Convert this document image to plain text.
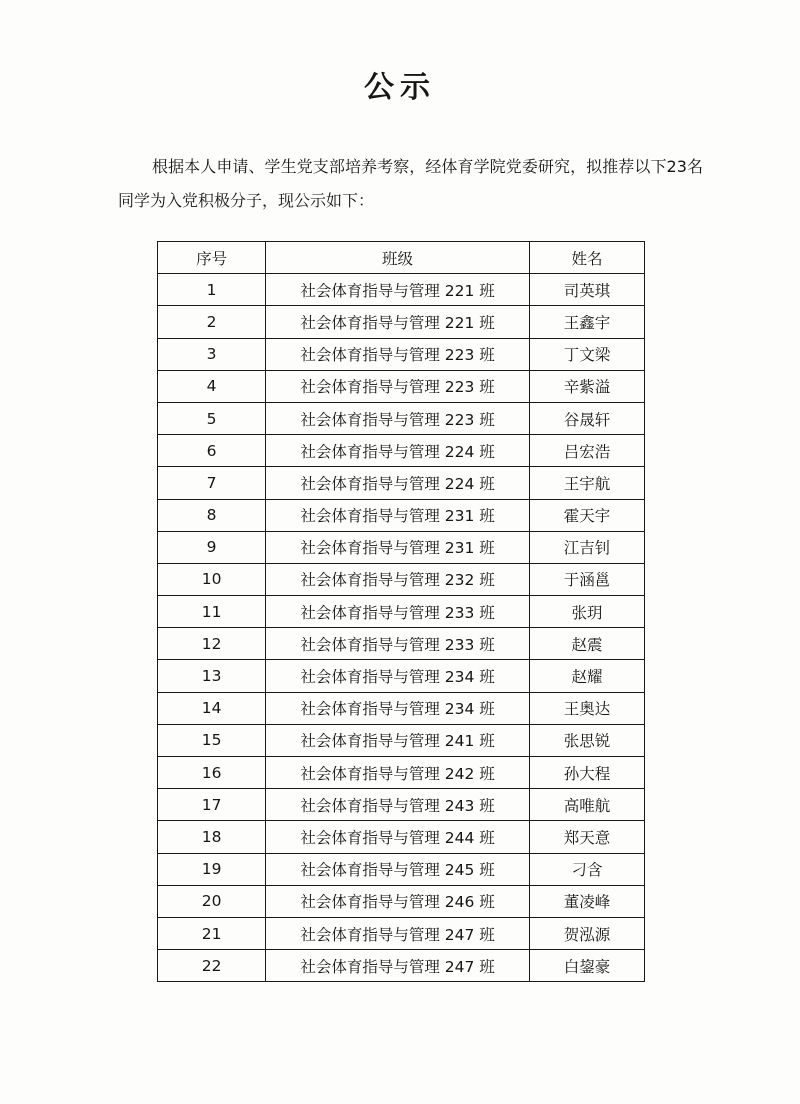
公示

根据本人申请、学生党支部培养考察，经体育学院党委研究，拟推荐以下23名同学为入党积极分子，现公示如下：

序号	班级	姓名
1	社会体育指导与管理 221 班	司英琪
2	社会体育指导与管理 221 班	王鑫宇
3	社会体育指导与管理 223 班	丁文梁
4	社会体育指导与管理 223 班	辛紫溢
5	社会体育指导与管理 223 班	谷晟轩
6	社会体育指导与管理 224 班	吕宏浩
7	社会体育指导与管理 224 班	王宇航
8	社会体育指导与管理 231 班	霍天宇
9	社会体育指导与管理 231 班	江吉钊
10	社会体育指导与管理 232 班	于涵邕
11	社会体育指导与管理 233 班	张玥
12	社会体育指导与管理 233 班	赵震
13	社会体育指导与管理 234 班	赵耀
14	社会体育指导与管理 234 班	王奥达
15	社会体育指导与管理 241 班	张思锐
16	社会体育指导与管理 242 班	孙大程
17	社会体育指导与管理 243 班	高唯航
18	社会体育指导与管理 244 班	郑天意
19	社会体育指导与管理 245 班	刁含
20	社会体育指导与管理 246 班	董凌峰
21	社会体育指导与管理 247 班	贺泓源
22	社会体育指导与管理 247 班	白鋆豪
